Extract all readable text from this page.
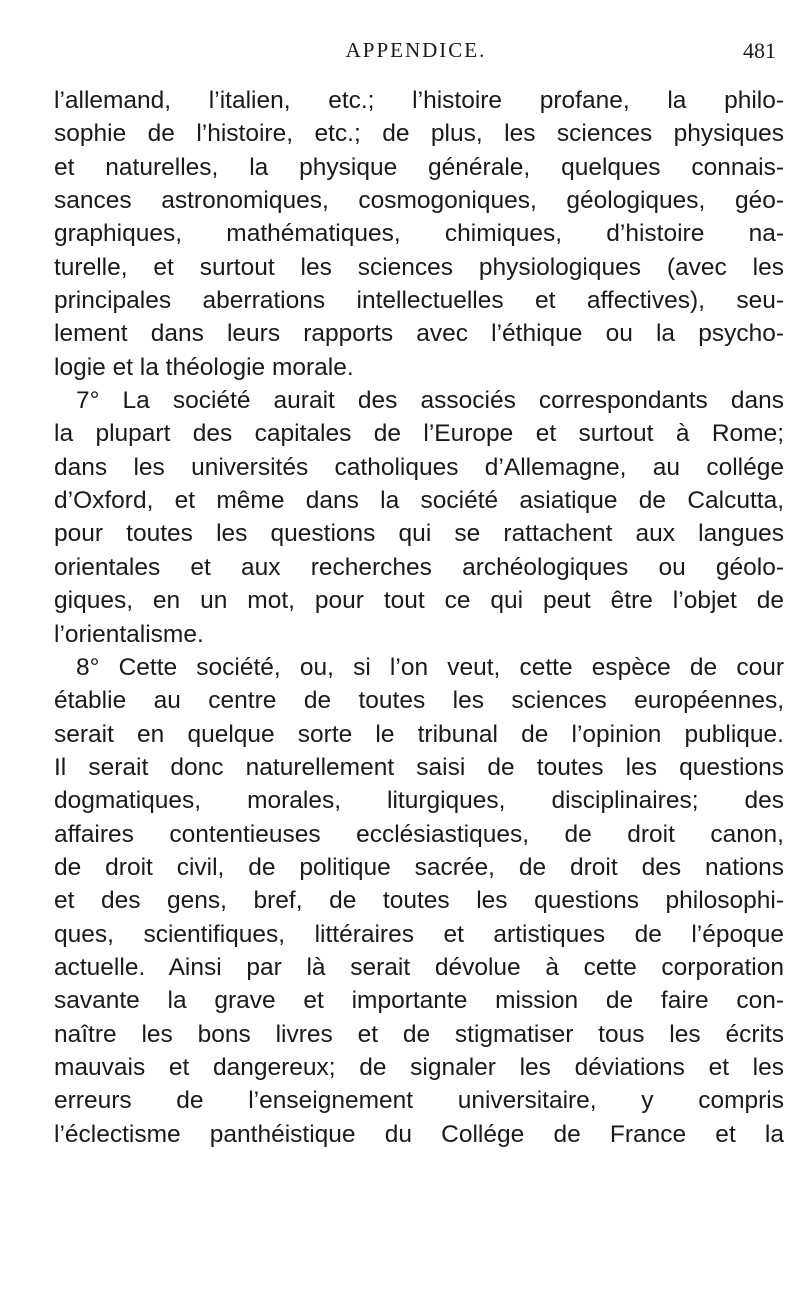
APPENDICE.	481
l’allemand, l’italien, etc.; l’histoire profane, la philo-
sophie de l’histoire, etc.; de plus, les sciences physiques
et naturelles, la physique générale, quelques connais-
sances astronomiques, cosmogoniques, géologiques, géo-
graphiques, mathématiques, chimiques, d’histoire na-
turelle, et surtout les sciences physiologiques (avec les
principales aberrations intellectuelles et affectives), seu-
lement dans leurs rapports avec l’éthique ou la psycho-
logie et la théologie morale.
7° La société aurait des associés correspondants dans
la plupart des capitales de l’Europe et surtout à Rome;
dans les universités catholiques d’Allemagne, au collége
d’Oxford, et même dans la société asiatique de Calcutta,
pour toutes les questions qui se rattachent aux langues
orientales et aux recherches archéologiques ou géolo-
giques, en un mot, pour tout ce qui peut être l’objet de
l’orientalisme.
8° Cette société, ou, si l’on veut, cette espèce de cour
établie au centre de toutes les sciences européennes,
serait en quelque sorte le tribunal de l’opinion publique.
Il serait donc naturellement saisi de toutes les questions
dogmatiques, morales, liturgiques, disciplinaires; des
affaires contentieuses ecclésiastiques, de droit canon,
de droit civil, de politique sacrée, de droit des nations
et des gens, bref, de toutes les questions philosophi-
ques, scientifiques, littéraires et artistiques de l’époque
actuelle. Ainsi par là serait dévolue à cette corporation
savante la grave et importante mission de faire con-
naître les bons livres et de stigmatiser tous les écrits
mauvais et dangereux; de signaler les déviations et les
erreurs de l’enseignement universitaire, y compris
l’éclectisme panthéistique du Collége de France et la
